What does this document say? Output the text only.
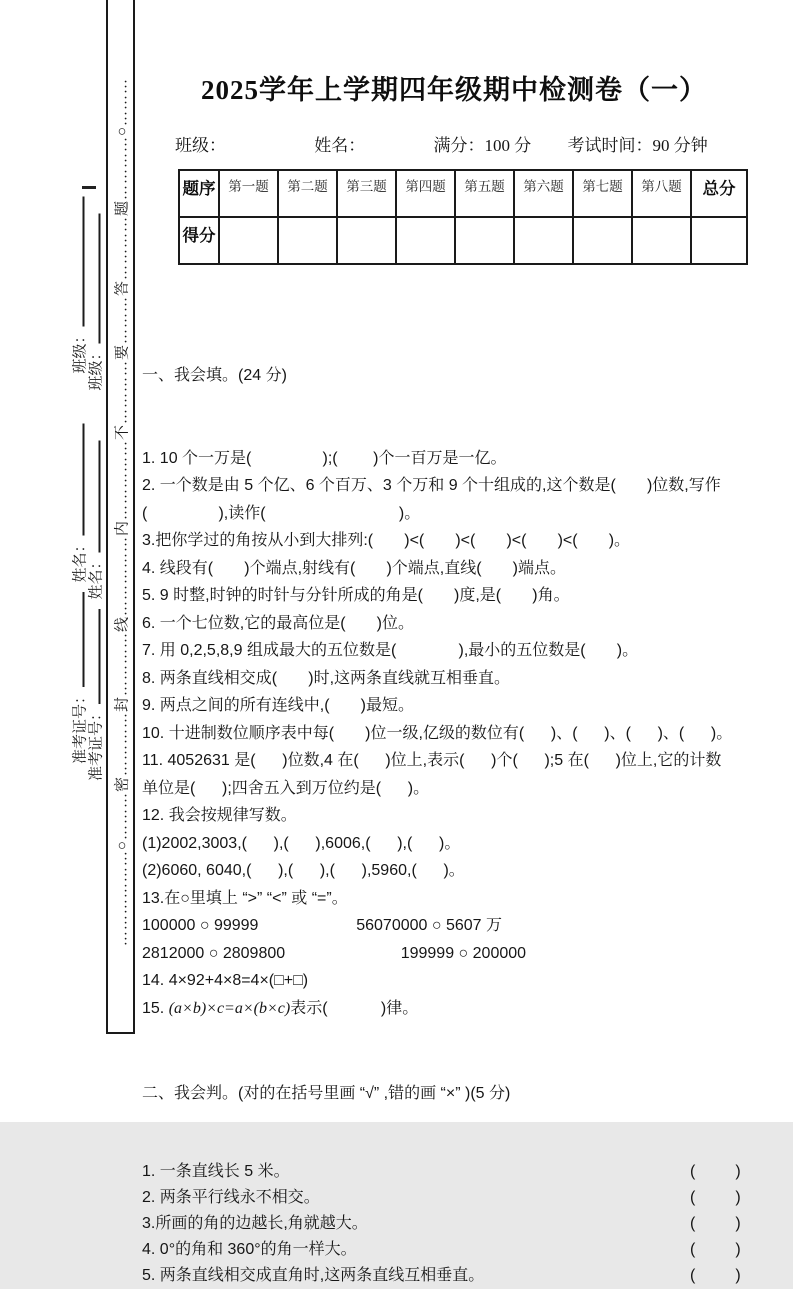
………………○………密…………封…………线……………内……………不…………要………答…………题…………○………
班级： 班级：
姓名： 姓名：
准考证号： 准考证号：
2025学年上学期四年级期中检测卷（一）
班级：	姓名：	满分：100 分 考试时间：90 分钟
题序	第一题	第二题	第三题	第四题	第五题	第六题	第七题	第八题	总分
得分									

一、我会填。(24 分)

1. 10 个一万是(                );(        )个一百万是一亿。
2. 一个数是由 5 个亿、6 个百万、3 个万和 9 个十组成的,这个数是(       )位数,写作
(                ),读作(                              )。
3.把你学过的角按从小到大排列:(       )<(       )<(       )<(       )<(       )。
4. 线段有(       )个端点,射线有(       )个端点,直线(       )端点。
5. 9 时整,时钟的时针与分针所成的角是(       )度,是(       )角。
6. 一个七位数,它的最高位是(       )位。
7. 用 0,2,5,8,9 组成最大的五位数是(              ),最小的五位数是(       )。
8. 两条直线相交成(       )时,这两条直线就互相垂直。
9. 两点之间的所有连线中,(       )最短。
10. 十进制数位顺序表中每(       )位一级,亿级的数位有(      )、(      )、(      )、(      )。
11. 4052631 是(      )位数,4 在(      )位上,表示(      )个(      );5 在(      )位上,它的计数
单位是(      );四舍五入到万位约是(      )。
12. 我会按规律写数。
(1)2002,3003,(      ),(      ),6006,(      ),(      )。
(2)6060, 6040,(      ),(      ),(      ),5960,(      )。
13.在○里填上 “>” “<” 或 “=”。
100000 ○ 99999                      56070000 ○ 5607 万
2812000 ○ 2809800                          199999 ○ 200000
14. 4×92+4×8=4×(□+□)
15. (a×b)×c=a×(b×c)表示(            )律。

二、我会判。(对的在括号里画 “√” ,错的画 “×” )(5 分)

1. 一条直线长 5 米。	(         )
2. 两条平行线永不相交。	(         )
3.所画的角的边越长,角就越大。	(         )
4. 0°的角和 360°的角一样大。	(         )
5. 两条直线相交成直角时,这两条直线互相垂直。	(         )
